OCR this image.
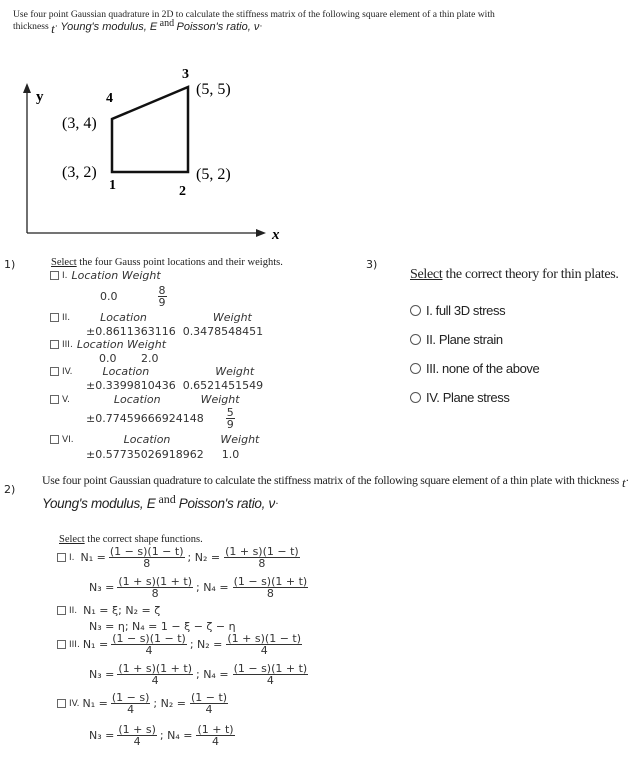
Use four point Gaussian quadrature in 2D to calculate the stiffness matrix of the following square element of a thin plate with
thickness
t ·
Young's modulus, E
and
Poisson's ratio, ν ·
y
x
3
(5, 5)
4
(3, 4)
(3, 2)
1
(5, 2)
2
1)	Select the four Gauss point locations and their weights.
I. Location Weight
0.0	$\frac{8}{9}$
II.	Location	Weight
±0.8611363116  0.3478548451
III. Location Weight
0.0       2.0
IV.	Location	Weight
±0.3399810436  0.6521451549
V.	Location	Weight
$\pm 0.77459666924148 \frac{5}{9}$
VI.	Location	Weight
±0.57735026918962 1.0
3)
Select the correct theory for thin plates.
I. full 3D stress
II. Plane strain
III. none of the above
IV. Plane stress
2)
Use four point Gaussian quadrature to calculate the stiffness matrix of the following square element of a thin plate with thickness t ·
Young's modulus, E
and
Poisson's ratio, ν ·
Select the correct shape functions.
I. $N_1 = \frac{(1 - s)(1 - t)}{8}$ ; $N_2 = \frac{(1 + s)(1 - t)}{8}$
$N_3 = \frac{(1 + s)(1 + t)}{8}$ ; $N_4 = \frac{(1 - s)(1 + t)}{8}$
II. N₁ = ξ; N₂ = ζ
N₃ = η; N₄ = 1 − ξ − ζ − η
III. $N_1 = \frac{(1 - s)(1 - t)}{4}$ ; $N_2 = \frac{(1 + s)(1 - t)}{4}$
$N_3 = \frac{(1 + s)(1 + t)}{4}$ ; $N_4 = \frac{(1 - s)(1 + t)}{4}$
IV. $N_1 = \frac{(1 - s)}{4}$ ; $N_2 = \frac{(1 - t)}{4}$
$N_3 = \frac{(1 + s)}{4}$ ; $N_4 = \frac{(1 + t)}{4}$
